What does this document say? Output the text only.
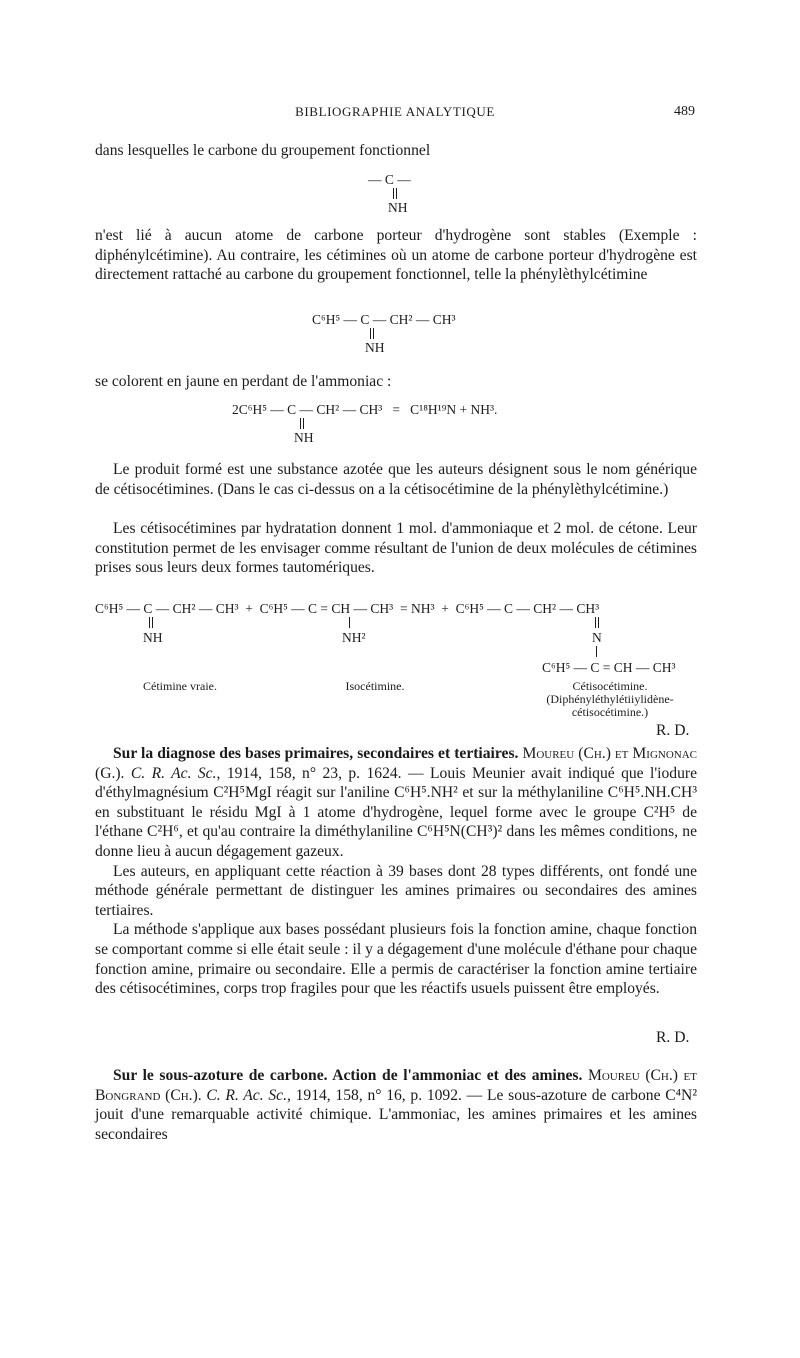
BIBLIOGRAPHIE ANALYTIQUE	489

dans lesquelles le carbone du groupement fonctionnel

— C —

NH

n'est lié à aucun atome de carbone porteur d'hydrogène sont stables (Exemple : diphénylcétimine). Au contraire, les cétimines où un atome de carbone porteur d'hydrogène est directement rattaché au carbone du groupement fonctionnel, telle la phénylèthylcétimine

C⁶H⁵ — C — CH² — CH³

NH

se colorent en jaune en perdant de l'ammoniac :

2C⁶H⁵ — C — CH² — CH³   =   C¹⁸H¹⁹N + NH³.

NH

Le produit formé est une substance azotée que les auteurs désignent sous le nom générique de cétisocétimines. (Dans le cas ci-dessus on a la cétisocétimine de la phénylèthylcétimine.)

Les cétisocétimines par hydratation donnent 1 mol. d'ammoniaque et 2 mol. de cétone. Leur constitution permet de les envisager comme résultant de l'union de deux molécules de cétimines prises sous leurs deux formes tautomériques.

C⁶H⁵ — C — CH² — CH³  +  C⁶H⁵ — C = CH — CH³  = NH³  +  C⁶H⁵ — C — CH² — CH³

NH

	NH²

	N

C⁶H⁵ — C = CH — CH³

Cétimine vraie.	Isocétimine.	Cétisocétimine.
(Diphényléthylétiiylidène-
cétisocétimine.)
R. D.

Sur la diagnose des bases primaires, secondaires et tertiaires. Moureu (Ch.) et Mignonac (G.). C. R. Ac. Sc., 1914, 158, n° 23, p. 1624. — Louis Meunier avait indiqué que l'iodure d'éthylmagnésium C²H⁵MgI réagit sur l'aniline C⁶H⁵.NH² et sur la méthylaniline C⁶H⁵.NH.CH³ en substituant le résidu MgI à 1 atome d'hydrogène, lequel forme avec le groupe C²H⁵ de l'éthane C²H⁶, et qu'au contraire la diméthylaniline C⁶H⁵N(CH³)² dans les mêmes conditions, ne donne lieu à aucun dégagement gazeux.

Les auteurs, en appliquant cette réaction à 39 bases dont 28 types différents, ont fondé une méthode générale permettant de distinguer les amines primaires ou secondaires des amines tertiaires.

La méthode s'applique aux bases possédant plusieurs fois la fonction amine, chaque fonction se comportant comme si elle était seule : il y a dégagement d'une molécule d'éthane pour chaque fonction amine, primaire ou secondaire. Elle a permis de caractériser la fonction amine tertiaire des cétisocétimines, corps trop fragiles pour que les réactifs usuels puissent être employés.

R. D.

Sur le sous-azoture de carbone. Action de l'ammoniac et des amines. Moureu (Ch.) et Bongrand (Ch.). C. R. Ac. Sc., 1914, 158, n° 16, p. 1092. — Le sous-azoture de carbone C⁴N² jouit d'une remarquable activité chimique. L'ammoniac, les amines primaires et les amines secondaires
